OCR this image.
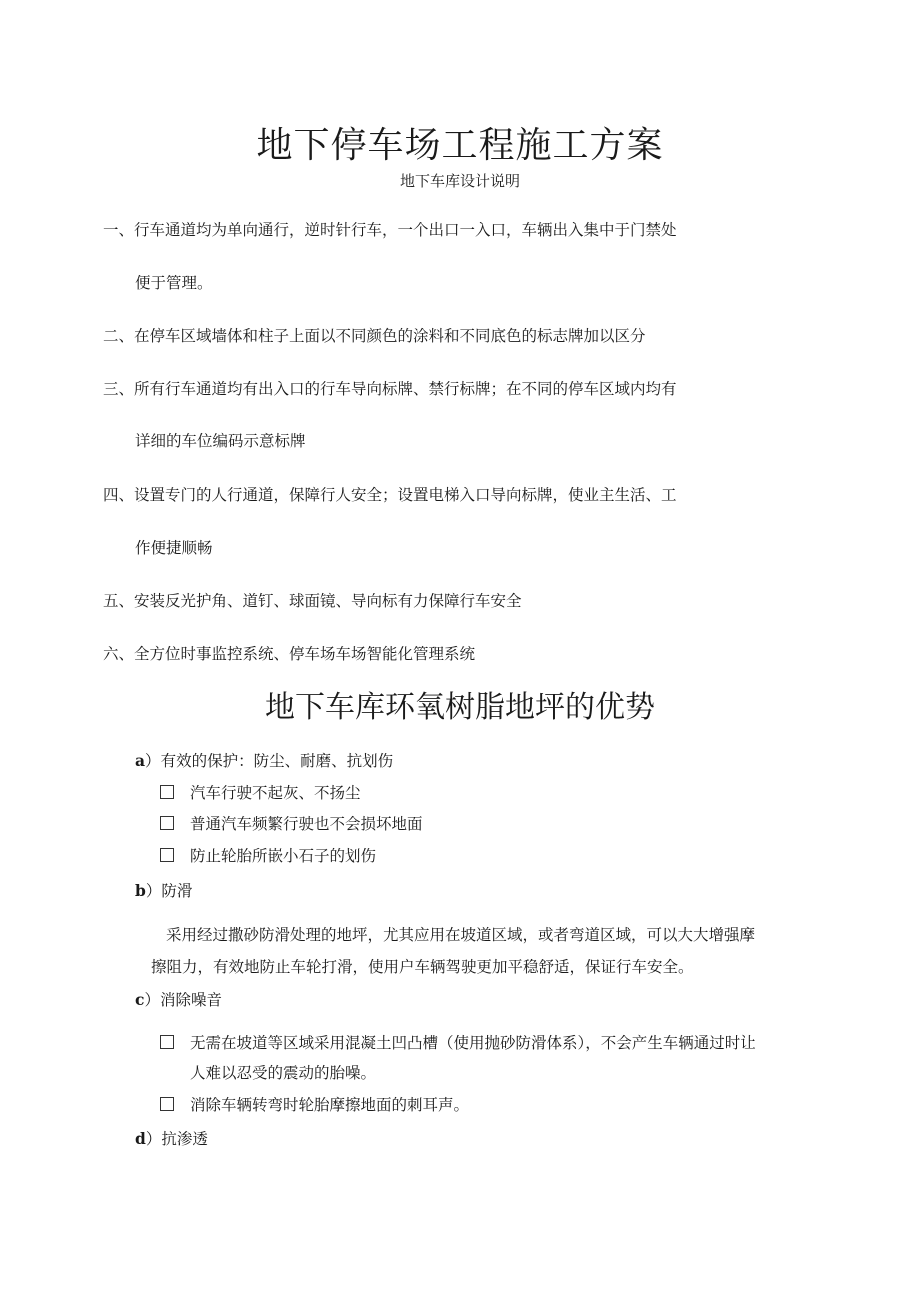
地下停车场工程施工方案
地下车库设计说明
一、行车通道均为单向通行，逆时针行车，一个出口一入口，车辆出入集中于门禁处
便于管理。
二、在停车区域墙体和柱子上面以不同颜色的涂料和不同底色的标志牌加以区分
三、所有行车通道均有出入口的行车导向标牌、禁行标牌；在不同的停车区域内均有
详细的车位编码示意标牌
四、设置专门的人行通道，保障行人安全；设置电梯入口导向标牌，使业主生活、工
作便捷顺畅
五、安装反光护角、道钉、球面镜、导向标有力保障行车安全
六、全方位时事监控系统、停车场车场智能化管理系统
地下车库环氧树脂地坪的优势
a）有效的保护：防尘、耐磨、抗划伤
汽车行驶不起灰、不扬尘
普通汽车频繁行驶也不会损坏地面
防止轮胎所嵌小石子的划伤
b）防滑
采用经过撒砂防滑处理的地坪，尤其应用在坡道区域，或者弯道区域，可以大大增强摩
擦阻力，有效地防止车轮打滑，使用户车辆驾驶更加平稳舒适，保证行车安全。
c）消除噪音
无需在坡道等区域采用混凝土凹凸槽（使用抛砂防滑体系），不会产生车辆通过时让
人难以忍受的震动的胎噪。
消除车辆转弯时轮胎摩擦地面的刺耳声。
d）抗渗透
